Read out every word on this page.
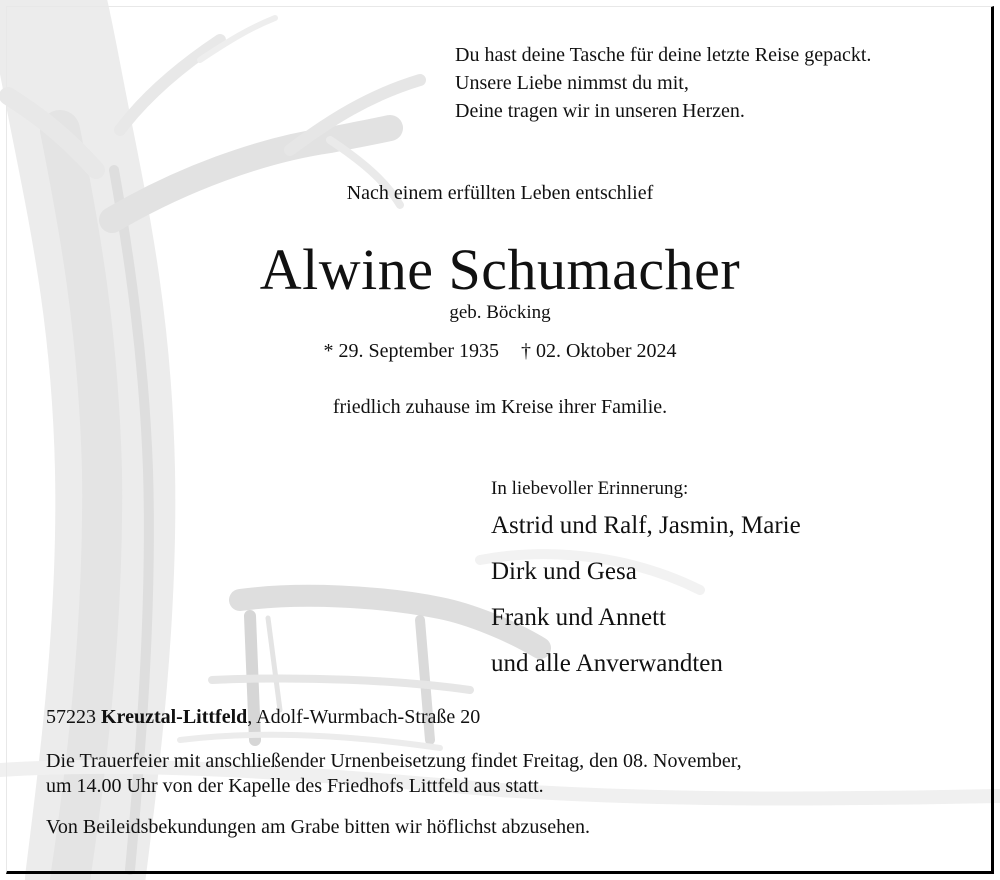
Du hast deine Tasche für deine letzte Reise gepackt.
Unsere Liebe nimmst du mit,
Deine tragen wir in unseren Herzen.
Nach einem erfüllten Leben entschlief
Alwine Schumacher
geb. Böcking
* 29. September 1935 † 02. Oktober 2024
friedlich zuhause im Kreise ihrer Familie.
In liebevoller Erinnerung:
Astrid und Ralf, Jasmin, Marie
Dirk und Gesa
Frank und Annett
und alle Anverwandten
57223 Kreuztal-Littfeld, Adolf-Wurmbach-Straße 20
Die Trauerfeier mit anschließender Urnenbeisetzung findet Freitag, den 08. November,
um 14.00 Uhr von der Kapelle des Friedhofs Littfeld aus statt.
Von Beileidsbekundungen am Grabe bitten wir höflichst abzusehen.
